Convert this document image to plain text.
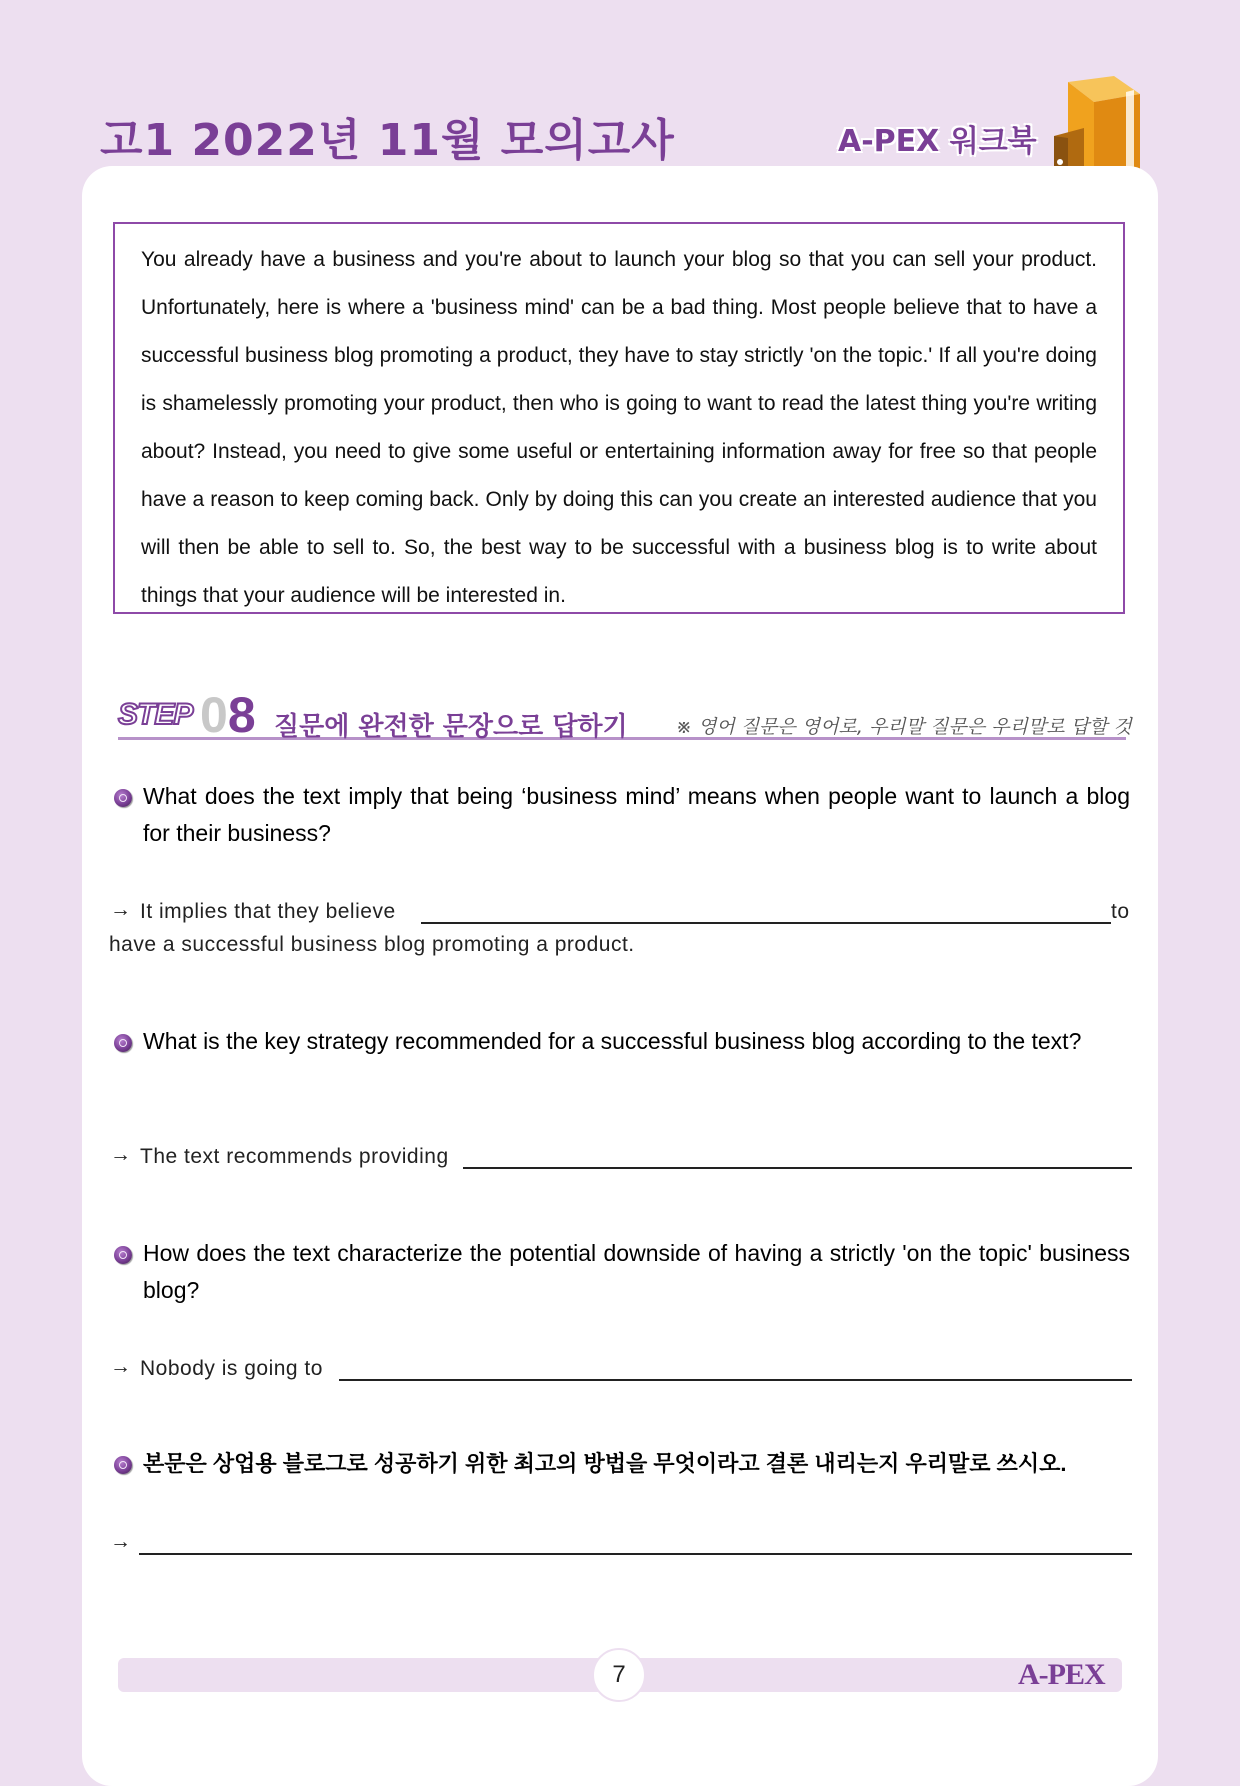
고1 2022년 11월 모의고사	A-PEX 워크북

You already have a business and you're about to launch your blog so that you can sell your product. Unfortunately, here is where a 'business mind' can be a bad thing. Most people believe that to have a successful business blog promoting a product, they have to stay strictly 'on the topic.' If all you're doing is shamelessly promoting your product, then who is going to want to read the latest thing you're writing about? Instead, you need to give some useful or entertaining information away for free so that people have a reason to keep coming back. Only by doing this can you create an interested audience that you will then be able to sell to. So, the best way to be successful with a business blog is to write about things that your audience will be interested in.

STEP 08 질문에 완전한 문장으로 답하기	※ 영어 질문은 영어로, 우리말 질문은 우리말로 답할 것
What does the text imply that being ‘business mind’ means when people want to launch a blog for their business?
→ It implies that they believe	to
have a successful business blog promoting a product.
What is the key strategy recommended for a successful business blog according to the text?
→ The text recommends providing
How does the text characterize the potential downside of having a strictly 'on the topic' business blog?
→ Nobody is going to
본문은 상업용 블로그로 성공하기 위한 최고의 방법을 무엇이라고 결론 내리는지 우리말로 쓰시오.
→
7	A-PEX
